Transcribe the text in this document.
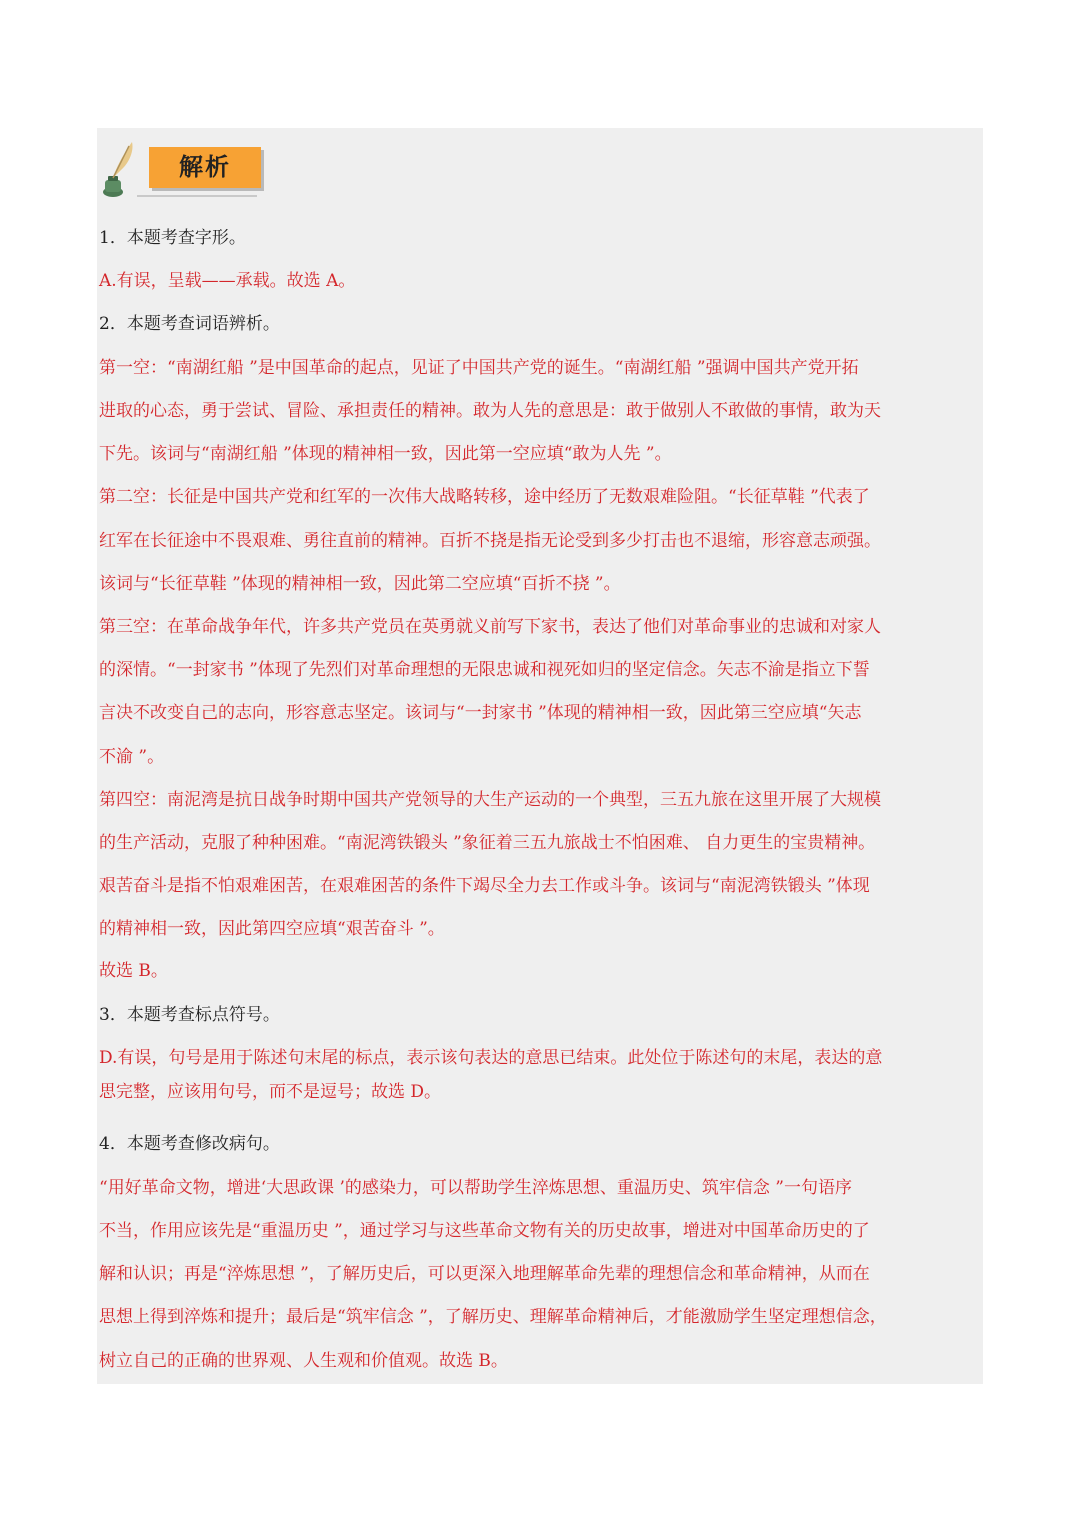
解析
1．本题考查字形。
A.有误，呈载——承载。故选 A。
2．本题考查词语辨析。
第一空：“南湖红船 ”是中国革命的起点，见证了中国共产党的诞生。“南湖红船 ”强调中国共产党开拓
进取的心态，勇于尝试、冒险、承担责任的精神。敢为人先的意思是：敢于做别人不敢做的事情，敢为天
下先。该词与“南湖红船 ”体现的精神相一致，因此第一空应填“敢为人先 ”。
第二空：长征是中国共产党和红军的一次伟大战略转移，途中经历了无数艰难险阻。“长征草鞋 ”代表了
红军在长征途中不畏艰难、勇往直前的精神。百折不挠是指无论受到多少打击也不退缩，形容意志顽强。
该词与“长征草鞋 ”体现的精神相一致，因此第二空应填“百折不挠 ”。
第三空：在革命战争年代，许多共产党员在英勇就义前写下家书，表达了他们对革命事业的忠诚和对家人
的深情。“一封家书 ”体现了先烈们对革命理想的无限忠诚和视死如归的坚定信念。矢志不渝是指立下誓
言决不改变自己的志向，形容意志坚定。该词与“一封家书 ”体现的精神相一致，因此第三空应填“矢志
不渝 ”。
第四空：南泥湾是抗日战争时期中国共产党领导的大生产运动的一个典型，三五九旅在这里开展了大规模
的生产活动，克服了种种困难。“南泥湾铁锻头 ”象征着三五九旅战士不怕困难、 自力更生的宝贵精神。
艰苦奋斗是指不怕艰难困苦，在艰难困苦的条件下竭尽全力去工作或斗争。该词与“南泥湾铁锻头 ”体现
的精神相一致，因此第四空应填“艰苦奋斗 ”。
故选 B。
3．本题考查标点符号。
D.有误，句号是用于陈述句末尾的标点，表示该句表达的意思已结束。此处位于陈述句的末尾，表达的意
思完整，应该用句号，而不是逗号；故选 D。
4．本题考查修改病句。
“用好革命文物，增进‘大思政课 ’的感染力，可以帮助学生淬炼思想、重温历史、筑牢信念 ”一句语序
不当，作用应该先是“重温历史 ”，通过学习与这些革命文物有关的历史故事，增进对中国革命历史的了
解和认识；再是“淬炼思想 ”，了解历史后，可以更深入地理解革命先辈的理想信念和革命精神，从而在
思想上得到淬炼和提升；最后是“筑牢信念 ”，了解历史、理解革命精神后，才能激励学生坚定理想信念，
树立自己的正确的世界观、人生观和价值观。故选 B。
